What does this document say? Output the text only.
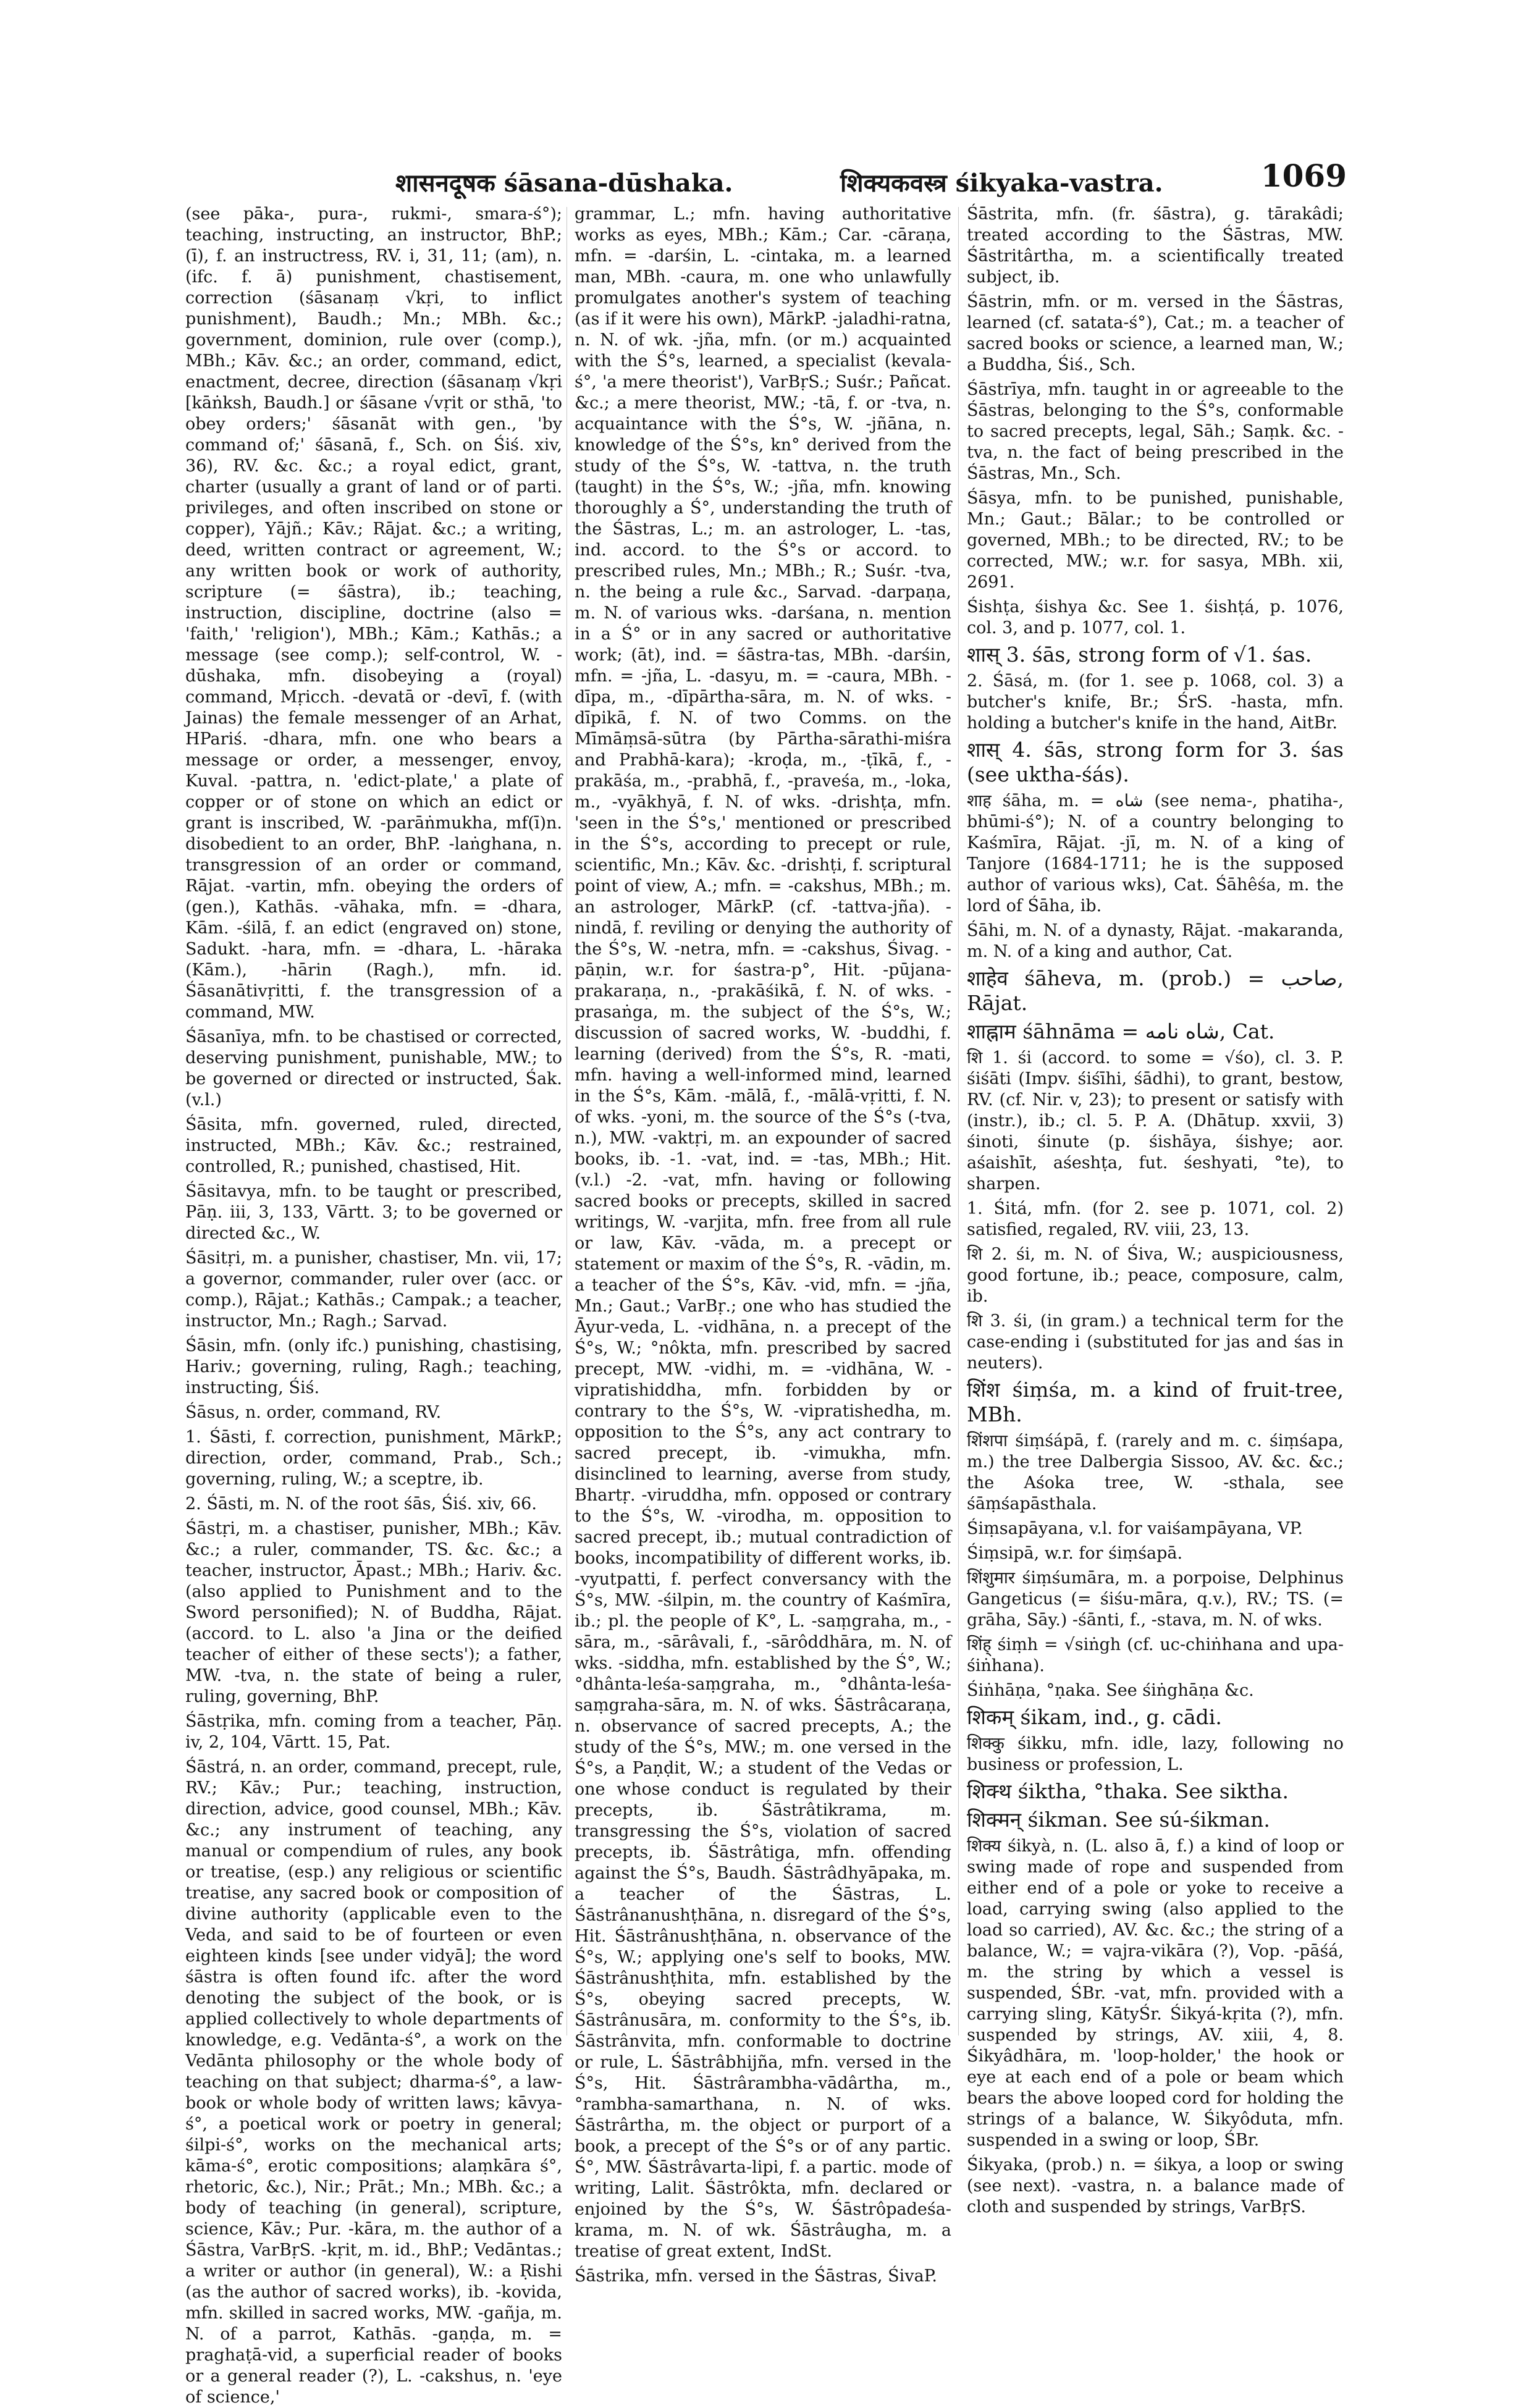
शासनदूषक śāsana-dūshaka.	शिक्यकवस्त्र śikyaka-vastra.	1069

(see pāka-, pura-, rukmi-, smara-ś°); teaching, instructing, an instructor, BhP.; (ī), f. an instructress, RV. i, 31, 11; (am), n. (ifc. f. ā) punishment, chastisement, correction (śāsanaṃ √kṛi, to inflict punishment), Baudh.; Mn.; MBh. &c.; government, dominion, rule over (comp.), MBh.; Kāv. &c.; an order, command, edict, enactment, decree, direction (śāsanaṃ √kṛi [kāṅksh, Baudh.] or śāsane √vṛit or sthā, 'to obey orders;' śāsanāt with gen., 'by command of;' śāsanā, f., Sch. on Śiś. xiv, 36), RV. &c. &c.; a royal edict, grant, charter (usually a grant of land or of parti. privileges, and often inscribed on stone or copper), Yājñ.; Kāv.; Rājat. &c.; a writing, deed, written contract or agreement, W.; any written book or work of authority, scripture (= śāstra), ib.; teaching, instruction, discipline, doctrine (also = 'faith,' 'religion'), MBh.; Kām.; Kathās.; a message (see comp.); self-control, W. -dūshaka, mfn. disobeying a (royal) command, Mṛicch. -devatā or -devī, f. (with Jainas) the female messenger of an Arhat, HPariś. -dhara, mfn. one who bears a message or order, a messenger, envoy, Kuval. -pattra, n. 'edict-plate,' a plate of copper or of stone on which an edict or grant is inscribed, W. -parāṅmukha, mf(ī)n. disobedient to an order, BhP. -laṅghana, n. transgression of an order or command, Rājat. -vartin, mfn. obeying the orders of (gen.), Kathās. -vāhaka, mfn. = -dhara, Kām. -śilā, f. an edict (engraved on) stone, Sadukt. -hara, mfn. = -dhara, L. -hāraka (Kām.), -hārin (Ragh.), mfn. id. Śāsanātivṛitti, f. the transgression of a command, MW.

Śāsanīya, mfn. to be chastised or corrected, deserving punishment, punishable, MW.; to be governed or directed or instructed, Śak. (v.l.)

Śāsita, mfn. governed, ruled, directed, instructed, MBh.; Kāv. &c.; restrained, controlled, R.; punished, chastised, Hit.

Śāsitavya, mfn. to be taught or prescribed, Pāṇ. iii, 3, 133, Vārtt. 3; to be governed or directed &c., W.

Śāsitṛi, m. a punisher, chastiser, Mn. vii, 17; a governor, commander, ruler over (acc. or comp.), Rājat.; Kathās.; Campak.; a teacher, instructor, Mn.; Ragh.; Sarvad.

Śāsin, mfn. (only ifc.) punishing, chastising, Hariv.; governing, ruling, Ragh.; teaching, instructing, Śiś.

Śāsus, n. order, command, RV.

1. Śāsti, f. correction, punishment, MārkP.; direction, order, command, Prab., Sch.; governing, ruling, W.; a sceptre, ib.

2. Śāsti, m. N. of the root śās, Śiś. xiv, 66.

Śāstṛi, m. a chastiser, punisher, MBh.; Kāv. &c.; a ruler, commander, TS. &c. &c.; a teacher, instructor, Āpast.; MBh.; Hariv. &c. (also applied to Punishment and to the Sword personified); N. of Buddha, Rājat. (accord. to L. also 'a Jina or the deified teacher of either of these sects'); a father, MW. -tva, n. the state of being a ruler, ruling, governing, BhP.

Śāstṛika, mfn. coming from a teacher, Pāṇ. iv, 2, 104, Vārtt. 15, Pat.

Śāstrá, n. an order, command, precept, rule, RV.; Kāv.; Pur.; teaching, instruction, direction, advice, good counsel, MBh.; Kāv. &c.; any instrument of teaching, any manual or compendium of rules, any book or treatise, (esp.) any religious or scientific treatise, any sacred book or composition of divine authority (applicable even to the Veda, and said to be of fourteen or even eighteen kinds [see under vidyā]; the word śāstra is often found ifc. after the word denoting the subject of the book, or is applied collectively to whole departments of knowledge, e.g. Vedānta-ś°, a work on the Vedānta philosophy or the whole body of teaching on that subject; dharma-ś°, a law-book or whole body of written laws; kāvya-ś°, a poetical work or poetry in general; śilpi-ś°, works on the mechanical arts; kāma-ś°, erotic compositions; alaṃkāra ś°, rhetoric, &c.), Nir.; Prāt.; Mn.; MBh. &c.; a body of teaching (in general), scripture, science, Kāv.; Pur. -kāra, m. the author of a Śāstra, VarBṛS. -kṛit, m. id., BhP.; Vedāntas.; a writer or author (in general), W.: a Ṛishi (as the author of sacred works), ib. -kovida, mfn. skilled in sacred works, MW. -gañja, m. N. of a parrot, Kathās. -gaṇḍa, m. = praghaṭā-vid, a superficial reader of books or a general reader (?), L. -cakshus, n. 'eye of science,'

grammar, L.; mfn. having authoritative works as eyes, MBh.; Kām.; Car. -cāraṇa, mfn. = -darśin, L. -cintaka, m. a learned man, MBh. -caura, m. one who unlawfully promulgates another's system of teaching (as if it were his own), MārkP. -jaladhi-ratna, n. N. of wk. -jña, mfn. (or m.) acquainted with the Ś°s, learned, a specialist (kevala-ś°, 'a mere theorist'), VarBṛS.; Suśr.; Pañcat. &c.; a mere theorist, MW.; -tā, f. or -tva, n. acquaintance with the Ś°s, W. -jñāna, n. knowledge of the Ś°s, kn° derived from the study of the Ś°s, W. -tattva, n. the truth (taught) in the Ś°s, W.; -jña, mfn. knowing thoroughly a Ś°, understanding the truth of the Śāstras, L.; m. an astrologer, L. -tas, ind. accord. to the Ś°s or accord. to prescribed rules, Mn.; MBh.; R.; Suśr. -tva, n. the being a rule &c., Sarvad. -darpaṇa, m. N. of various wks. -darśana, n. mention in a Ś° or in any sacred or authoritative work; (āt), ind. = śāstra-tas, MBh. -darśin, mfn. = -jña, L. -dasyu, m. = -caura, MBh. -dīpa, m., -dīpārtha-sāra, m. N. of wks. -dīpikā, f. N. of two Comms. on the Mīmāṃsā-sūtra (by Pārtha-sārathi-miśra and Prabhā-kara); -kroḍa, m., -ṭīkā, f., -prakāśa, m., -prabhā, f., -praveśa, m., -loka, m., -vyākhyā, f. N. of wks. -drishṭa, mfn. 'seen in the Ś°s,' mentioned or prescribed in the Ś°s, according to precept or rule, scientific, Mn.; Kāv. &c. -drishṭi, f. scriptural point of view, A.; mfn. = -cakshus, MBh.; m. an astrologer, MārkP. (cf. -tattva-jña). -nindā, f. reviling or denying the authority of the Ś°s, W. -netra, mfn. = -cakshus, Śivag. -pāṇin, w.r. for śastra-p°, Hit. -pūjana-prakaraṇa, n., -prakāśikā, f. N. of wks. -prasaṅga, m. the subject of the Ś°s, W.; discussion of sacred works, W. -buddhi, f. learning (derived) from the Ś°s, R. -mati, mfn. having a well-informed mind, learned in the Ś°s, Kām. -mālā, f., -mālā-vṛitti, f. N. of wks. -yoni, m. the source of the Ś°s (-tva, n.), MW. -vaktṛi, m. an expounder of sacred books, ib. -1. -vat, ind. = -tas, MBh.; Hit. (v.l.) -2. -vat, mfn. having or following sacred books or precepts, skilled in sacred writings, W. -varjita, mfn. free from all rule or law, Kāv. -vāda, m. a precept or statement or maxim of the Ś°s, R. -vādin, m. a teacher of the Ś°s, Kāv. -vid, mfn. = -jña, Mn.; Gaut.; VarBṛ.; one who has studied the Āyur-veda, L. -vidhāna, n. a precept of the Ś°s, W.; °nôkta, mfn. prescribed by sacred precept, MW. -vidhi, m. = -vidhāna, W. -vipratishiddha, mfn. forbidden by or contrary to the Ś°s, W. -vipratishedha, m. opposition to the Ś°s, any act contrary to sacred precept, ib. -vimukha, mfn. disinclined to learning, averse from study, Bhartṛ. -viruddha, mfn. opposed or contrary to the Ś°s, W. -virodha, m. opposition to sacred precept, ib.; mutual contradiction of books, incompatibility of different works, ib. -vyutpatti, f. perfect conversancy with the Ś°s, MW. -śilpin, m. the country of Kaśmīra, ib.; pl. the people of K°, L. -saṃgraha, m., -sāra, m., -sārâvali, f., -sārôddhāra, m. N. of wks. -siddha, mfn. established by the Ś°, W.; °dhânta-leśa-saṃgraha, m., °dhânta-leśa-saṃgraha-sāra, m. N. of wks. Śāstrâcaraṇa, n. observance of sacred precepts, A.; the study of the Ś°s, MW.; m. one versed in the Ś°s, a Paṇḍit, W.; a student of the Vedas or one whose conduct is regulated by their precepts, ib. Śāstrâtikrama, m. transgressing the Ś°s, violation of sacred precepts, ib. Śāstrâtiga, mfn. offending against the Ś°s, Baudh. Śāstrâdhyāpaka, m. a teacher of the Śāstras, L. Śāstrânanushṭhāna, n. disregard of the Ś°s, Hit. Śāstrânushṭhāna, n. observance of the Ś°s, W.; applying one's self to books, MW. Śāstrânushṭhita, mfn. established by the Ś°s, obeying sacred precepts, W. Śāstrânusāra, m. conformity to the Ś°s, ib. Śāstrânvita, mfn. conformable to doctrine or rule, L. Śāstrâbhijña, mfn. versed in the Ś°s, Hit. Śāstrârambha-vādârtha, m., °rambha-samarthana, n. N. of wks. Śāstrârtha, m. the object or purport of a book, a precept of the Ś°s or of any partic. Ś°, MW. Śāstrâvarta-lipi, f. a partic. mode of writing, Lalit. Śāstrôkta, mfn. declared or enjoined by the Ś°s, W. Śāstrôpadeśa-krama, m. N. of wk. Śāstrâugha, m. a treatise of great extent, IndSt.

Śāstrika, mfn. versed in the Śāstras, ŚivaP.

Śāstrita, mfn. (fr. śāstra), g. tārakâdi; treated according to the Śāstras, MW. Śāstritârtha, m. a scientifically treated subject, ib.

Śāstrin, mfn. or m. versed in the Śāstras, learned (cf. satata-ś°), Cat.; m. a teacher of sacred books or science, a learned man, W.; a Buddha, Śiś., Sch.

Śāstrīya, mfn. taught in or agreeable to the Śāstras, belonging to the Ś°s, conformable to sacred precepts, legal, Sāh.; Saṃk. &c. -tva, n. the fact of being prescribed in the Śāstras, Mn., Sch.

Śāsya, mfn. to be punished, punishable, Mn.; Gaut.; Bālar.; to be controlled or governed, MBh.; to be directed, RV.; to be corrected, MW.; w.r. for sasya, MBh. xii, 2691.

Śishṭa, śishya &c. See 1. śishṭá, p. 1076, col. 3, and p. 1077, col. 1.

शास् 3. śās, strong form of √1. śas.

2. Śāsá, m. (for 1. see p. 1068, col. 3) a butcher's knife, Br.; ŚrS. -hasta, mfn. holding a butcher's knife in the hand, AitBr.

शास् 4. śās, strong form for 3. śas (see uktha-śás).

शाह śāha, m. = شاه (see nema-, phatiha-, bhūmi-ś°); N. of a country belonging to Kaśmīra, Rājat. -jī, m. N. of a king of Tanjore (1684-1711; he is the supposed author of various wks), Cat. Śāhêśa, m. the lord of Śāha, ib.

Śāhi, m. N. of a dynasty, Rājat. -makaranda, m. N. of a king and author, Cat.

शाहेव śāheva, m. (prob.) = صاحب, Rājat.

शाह्नाम śāhnāma = شاه نامه, Cat.

शि 1. śi (accord. to some = √śo), cl. 3. P. śiśāti (Impv. śiśīhi, śādhi), to grant, bestow, RV. (cf. Nir. v, 23); to present or satisfy with (instr.), ib.; cl. 5. P. A. (Dhātup. xxvii, 3) śinoti, śinute (p. śishāya, śishye; aor. aśaishīt, aśeshṭa, fut. śeshyati, °te), to sharpen.

1. Śitá, mfn. (for 2. see p. 1071, col. 2) satisfied, regaled, RV. viii, 23, 13.

शि 2. śi, m. N. of Śiva, W.; auspiciousness, good fortune, ib.; peace, composure, calm, ib.

शि 3. śi, (in gram.) a technical term for the case-ending i (substituted for jas and śas in neuters).

शिंश śiṃśa, m. a kind of fruit-tree, MBh.

शिंशपा śiṃśápā, f. (rarely and m. c. śiṃśapa, m.) the tree Dalbergia Sissoo, AV. &c. &c.; the Aśoka tree, W. -sthala, see śāṃśapāsthala.

Śiṃsapāyana, v.l. for vaiśampāyana, VP.

Śiṃsipā, w.r. for śiṃśapā.

शिंशुमार śiṃśumāra, m. a porpoise, Delphinus Gangeticus (= śiśu-māra, q.v.), RV.; TS. (= grāha, Sāy.) -śānti, f., -stava, m. N. of wks.

शिंह् śiṃh = √siṅgh (cf. uc-chiṅhana and upa-śiṅhana).

Śiṅhāṇa, °ṇaka. See śiṅghāṇa &c.

शिकम् śikam, ind., g. cādi.

शिक्कु śikku, mfn. idle, lazy, following no business or profession, L.

शिक्थ śiktha, °thaka. See siktha.

शिक्मन् śikman. See sú-śikman.

शिक्य śikyà, n. (L. also ā, f.) a kind of loop or swing made of rope and suspended from either end of a pole or yoke to receive a load, carrying swing (also applied to the load so carried), AV. &c. &c.; the string of a balance, W.; = vajra-vikāra (?), Vop. -pāśá, m. the string by which a vessel is suspended, ŚBr. -vat, mfn. provided with a carrying sling, KātyŚr. Śikyá-kṛita (?), mfn. suspended by strings, AV. xiii, 4, 8. Śikyâdhāra, m. 'loop-holder,' the hook or eye at each end of a pole or beam which bears the above looped cord for holding the strings of a balance, W. Śikyôduta, mfn. suspended in a swing or loop, ŚBr.

Śikyaka, (prob.) n. = śikya, a loop or swing (see next). -vastra, n. a balance made of cloth and suspended by strings, VarBṛS.
